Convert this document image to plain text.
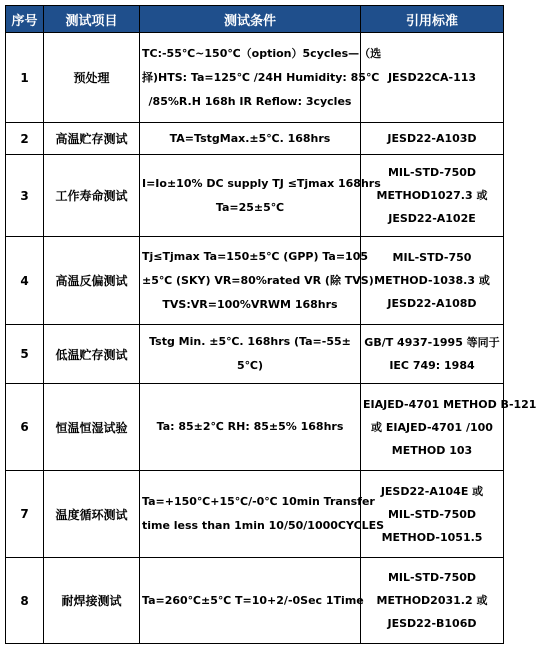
序号	测试项目	测试条件	引用标准
1	预处理	TC:-55℃~150℃（option）5cycles—（选
择)HTS: Ta=125℃ /24H Humidity: 85℃
/85%R.H 168h IR Reflow: 3cycles	JESD22CA-113

2	高温贮存测试	TA=TstgMax.±5℃. 168hrs	JESD22-A103D

3	工作寿命测试	I=Io±10% DC supply TJ ≤Tjmax 168hrs
Ta=25±5℃	MIL-STD-750D
METHOD1027.3 或
JESD22-A102E

4	高温反偏测试	Tj≤Tjmax Ta=150±5℃ (GPP) Ta=105
±5℃ (SKY) VR=80%rated VR (除 TVS)
TVS:VR=100%VRWM 168hrs	MIL-STD-750
METHOD-1038.3 或
JESD22-A108D

5	低温贮存测试	Tstg Min. ±5℃. 168hrs (Ta=-55±
5℃)	GB/T 4937-1995 等同于
IEC 749: 1984

6	恒温恒湿试验	Ta: 85±2℃ RH: 85±5% 168hrs	EIAJED-4701 METHOD B-121
或 EIAJED-4701 /100
METHOD 103

7	温度循环测试	Ta=+150℃+15℃/-0℃ 10min Transfer
time less than 1min 10/50/1000CYCLES	JESD22-A104E 或
MIL-STD-750D
METHOD-1051.5

8	耐焊接测试	Ta=260℃±5℃ T=10+2/-0Sec 1Time	MIL-STD-750D
METHOD2031.2 或
JESD22-B106D
